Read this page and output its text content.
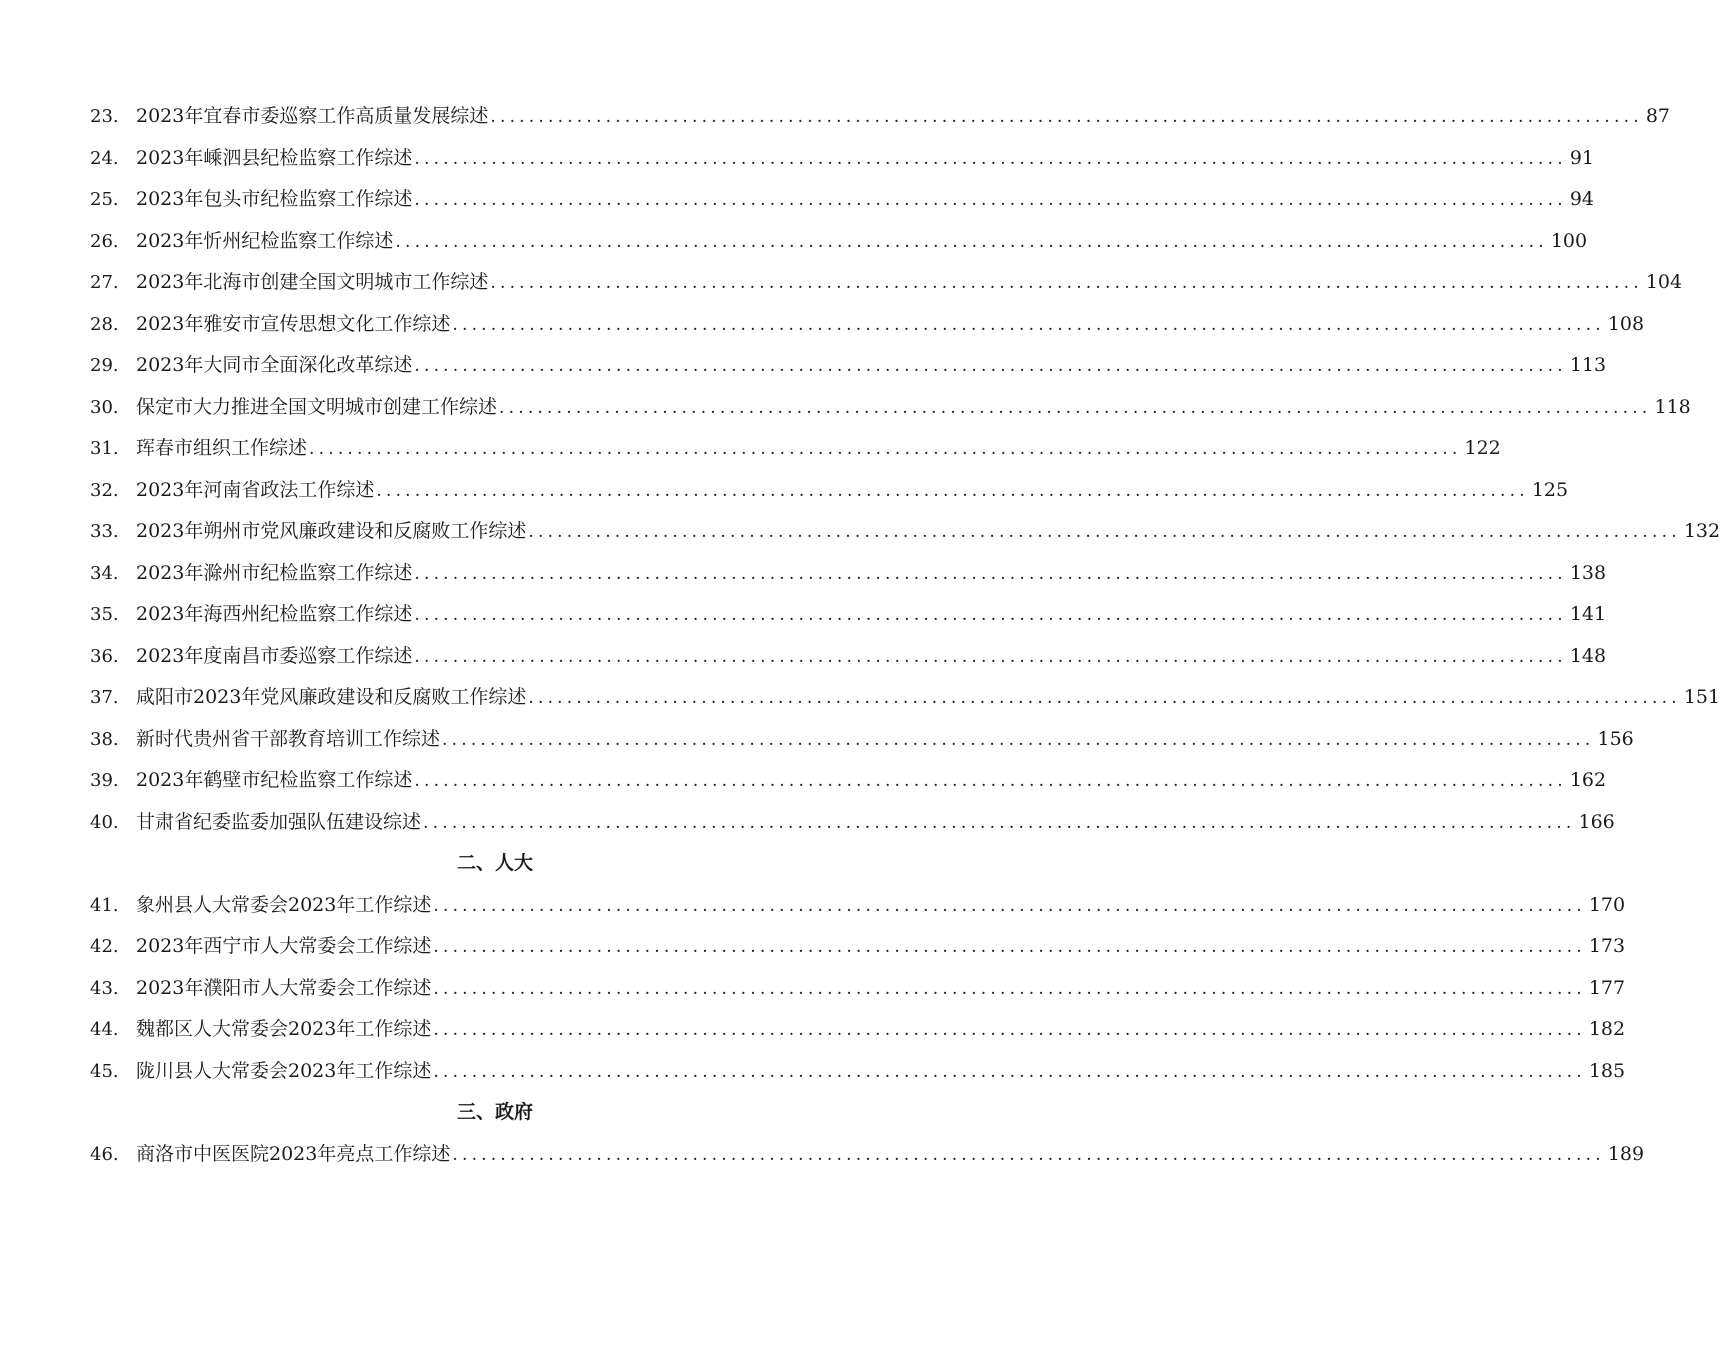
23. 2023年宜春市委巡察工作高质量发展综述 ........................................................................................................................ 87
24. 2023年嵊泗县纪检监察工作综述 ........................................................................................................................ 91
25. 2023年包头市纪检监察工作综述 ........................................................................................................................ 94
26. 2023年忻州纪检监察工作综述 ........................................................................................................................ 100
27. 2023年北海市创建全国文明城市工作综述 ........................................................................................................................ 104
28. 2023年雅安市宣传思想文化工作综述 ........................................................................................................................ 108
29. 2023年大同市全面深化改革综述 ........................................................................................................................ 113
30. 保定市大力推进全国文明城市创建工作综述 ........................................................................................................................ 118
31. 珲春市组织工作综述 ........................................................................................................................ 122
32. 2023年河南省政法工作综述 ........................................................................................................................ 125
33. 2023年朔州市党风廉政建设和反腐败工作综述 ........................................................................................................................ 132
34. 2023年滁州市纪检监察工作综述 ........................................................................................................................ 138
35. 2023年海西州纪检监察工作综述 ........................................................................................................................ 141
36. 2023年度南昌市委巡察工作综述 ........................................................................................................................ 148
37. 咸阳市2023年党风廉政建设和反腐败工作综述 ........................................................................................................................ 151
38. 新时代贵州省干部教育培训工作综述 ........................................................................................................................ 156
39. 2023年鹤壁市纪检监察工作综述 ........................................................................................................................ 162
40. 甘肃省纪委监委加强队伍建设综述 ........................................................................................................................ 166
二、人大
41. 象州县人大常委会2023年工作综述 ........................................................................................................................ 170
42. 2023年西宁市人大常委会工作综述 ........................................................................................................................ 173
43. 2023年濮阳市人大常委会工作综述 ........................................................................................................................ 177
44. 魏都区人大常委会2023年工作综述 ........................................................................................................................ 182
45. 陇川县人大常委会2023年工作综述 ........................................................................................................................ 185
三、政府
46. 商洛市中医医院2023年亮点工作综述 ........................................................................................................................ 189
